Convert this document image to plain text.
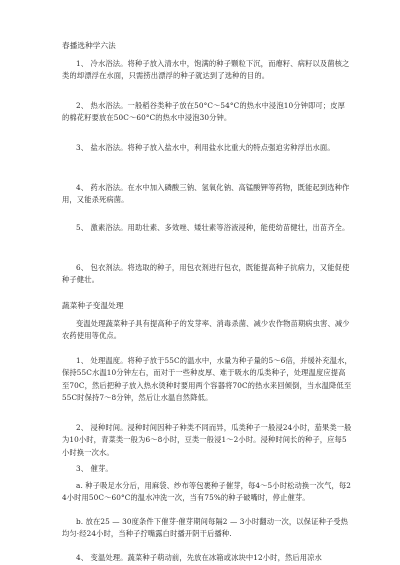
春播选种学六法

1、 冷水浴法。将种子放入清水中，饱满的种子颗粒下沉，而瘪籽、病籽以及菌核之类的却漂浮在水面，只需捞出漂浮的种子就达到了选种的目的。

2、 热水浴法。一般稻谷类种子放在50°C～54°C的热水中浸泡10分钟即可；皮厚的棉花籽要放在50C～60°C的热水中浸泡30分钟。

3、 盐水浴法。将种子放入盐水中，利用盐水比重大的特点强迫劣种浮出水面。

4、 药水浴法。在水中加入磷酸三钠、氢氧化钠、高锰酸钾等药物，既能起到选种作用，又能杀死病菌。

5、 激素浴法。用助壮素、多效唑、矮壮素等浴液浸种，能使幼苗健壮，出苗齐全。

6、 包衣剂法。将选取的种子，用包衣剂进行包衣，既能提高种子抗病力，又能促使种子健壮。

蔬菜种子变温处理

变温处理蔬菜种子具有提高种子的发芽率、消毒杀菌、减少农作物苗期病虫害、减少农药使用等优点。

1、 处理温度。将种子放于55C的温水中，水量为种子量的5～6倍，并缓补充温水，保持55C水温10分钟左右，而对于一些种皮厚、难于吸水的瓜类种子，处理温度应提高至70C，然后把种子放入热水烫种时要用两个容器将70C的热水来回倾倒，当水温降低至55C时保持7～8分钟，然后让水温自然降低。

2、 浸种时间。浸种时间因种子种类不同而异，瓜类种子一般浸24小时，茄果类一般为10小时，青菜类一般为6～8小时，豆类一般浸1～2小时。浸种时间长的种子，应每5小时换一次水。

3、 催芽。

a. 种子吸足水分后，用麻袋、纱布等包裹种子催芽，每4～5小时松动换一次气，每24小时用50C～60°C的温水冲洗一次，当有75%的种子破嘴时，停止催芽。

b. 放在25 — 30度条件下催芽·催芽期间每隔2 — 3小时翻动一次，以保证种子受热均匀·经24小时，当种子拧嘴露白时播开阴干后播种.

4、 变温处理。蔬菜种子萌动前，先放在冰箱或冰块中12小时，然后用凉水
